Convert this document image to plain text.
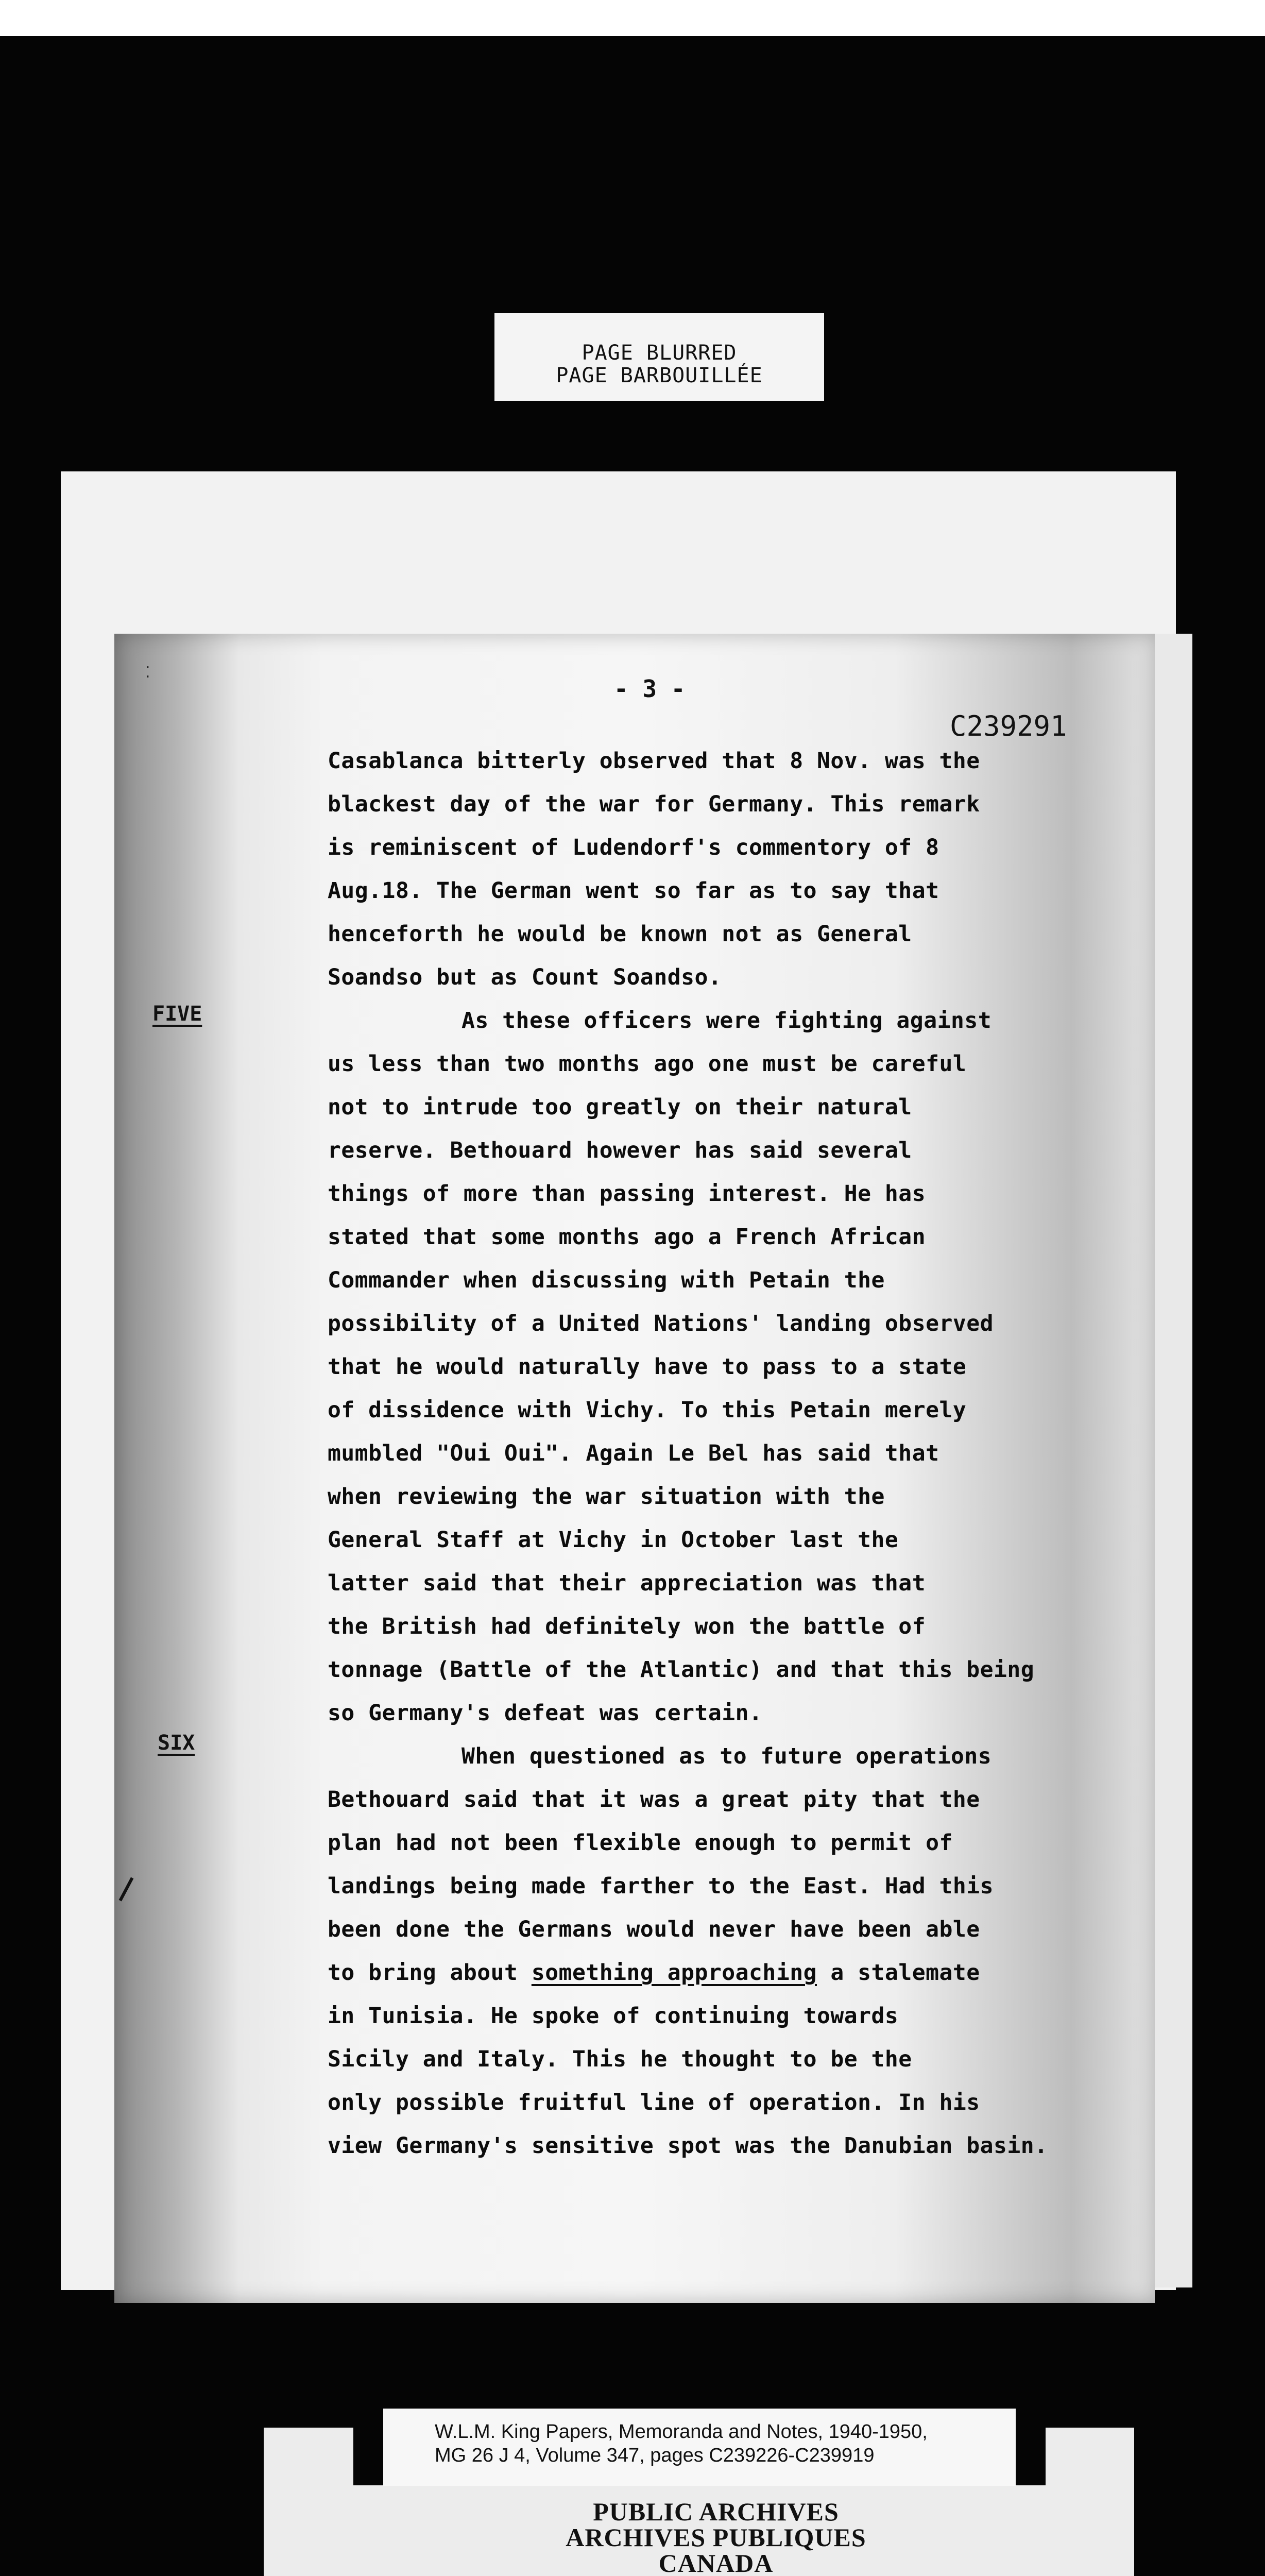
PAGE BLURRED
PAGE BARBOUILLÉE
⁚
- 3 -
C239291
FIVE
SIX
Casablanca bitterly observed that 8 Nov. was the
blackest day of the war for Germany. This remark
is reminiscent of Ludendorf's commentory of 8
Aug.18. The German went so far as to say that
henceforth he would be known not as General
Soandso but as Count Soandso.
As these officers were fighting against
us less than two months ago one must be careful
not to intrude too greatly on their natural
reserve. Bethouard however has said several
things of more than passing interest. He has
stated that some months ago a French African
Commander when discussing with Petain the
possibility of a United Nations' landing observed
that he would naturally have to pass to a state
of dissidence with Vichy. To this Petain merely
mumbled "Oui Oui". Again Le Bel has said that
when reviewing the war situation with the
General Staff at Vichy in October last the
latter said that their appreciation was that
the British had definitely won the battle of
tonnage (Battle of the Atlantic) and that this being
so Germany's defeat was certain.
When questioned as to future operations
Bethouard said that it was a great pity that the
plan had not been flexible enough to permit of
landings being made farther to the East. Had this
been done the Germans would never have been able
to bring about something approaching a stalemate
in Tunisia. He spoke of continuing towards
Sicily and Italy. This he thought to be the
only possible fruitful line of operation. In his
view Germany's sensitive spot was the Danubian basin.
W.L.M. King Papers, Memoranda and Notes, 1940-1950,
MG 26 J 4, Volume 347, pages C239226-C239919
PUBLIC ARCHIVES
ARCHIVES PUBLIQUES
CANADA
